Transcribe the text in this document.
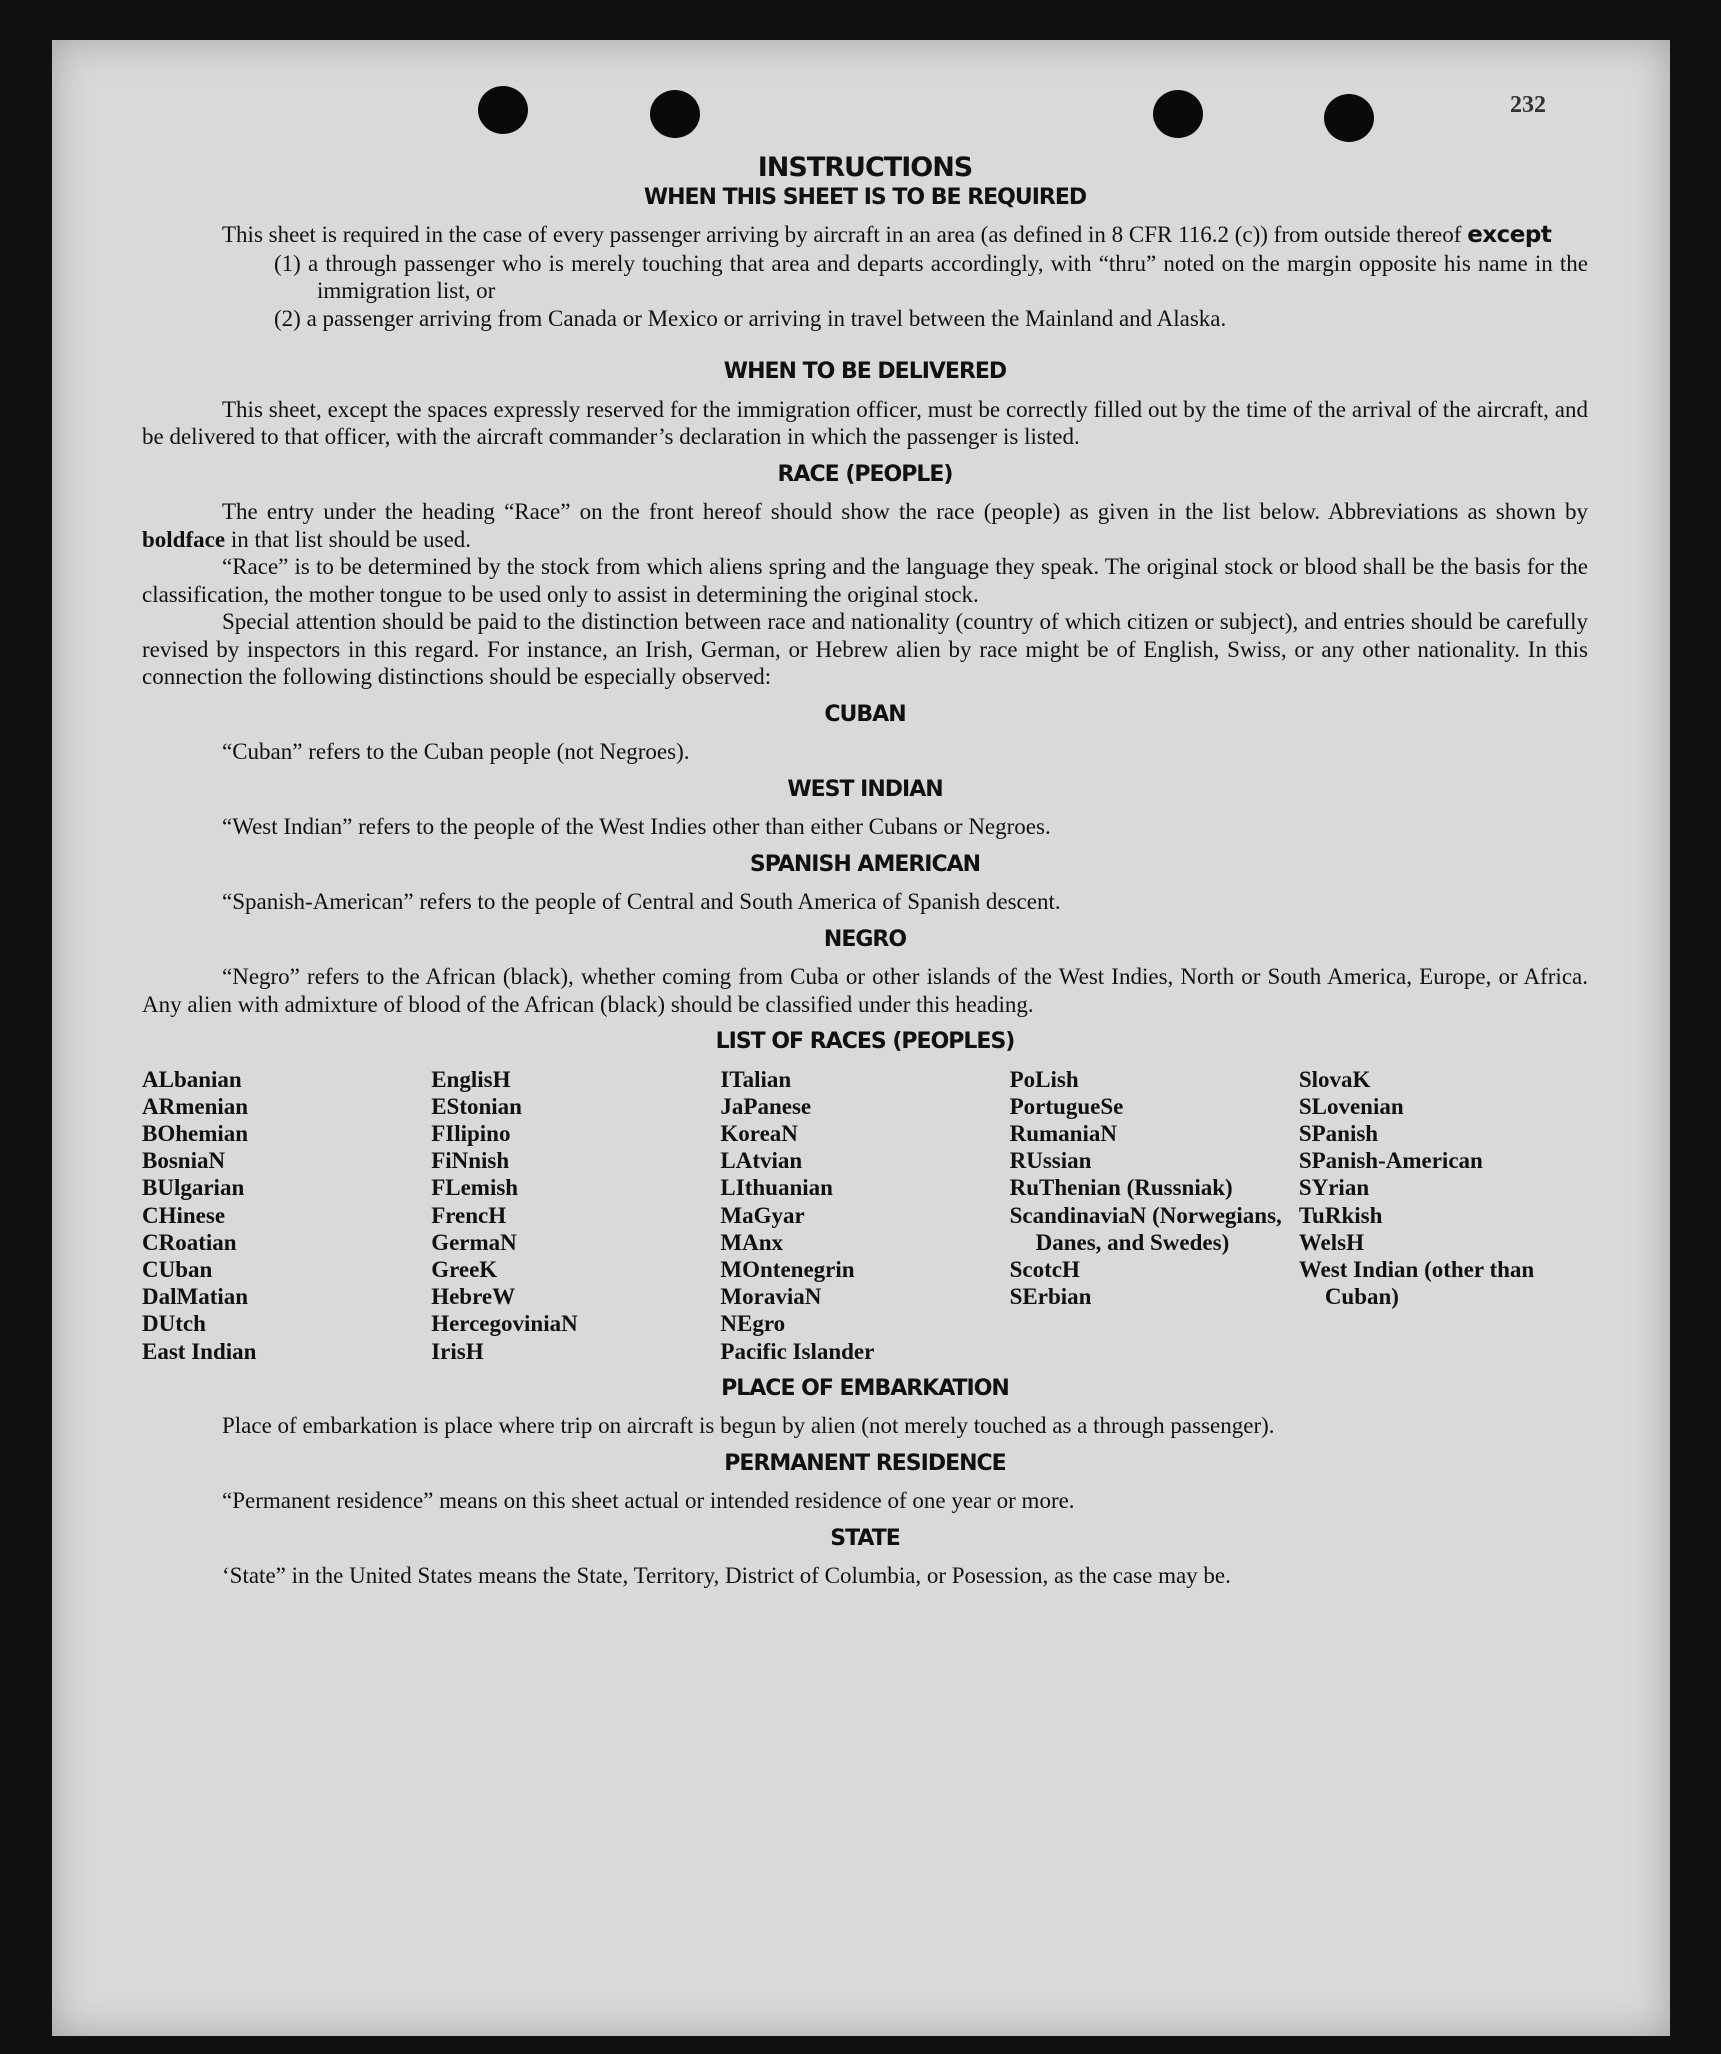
232
INSTRUCTIONS
WHEN THIS SHEET IS TO BE REQUIRED

This sheet is required in the case of every passenger arriving by aircraft in an area (as defined in 8 CFR 116.2 (c)) from outside thereof except

(1) a through passenger who is merely touching that area and departs accordingly, with “thru” noted on the margin opposite his name in the immigration list, or

(2) a passenger arriving from Canada or Mexico or arriving in travel between the Mainland and Alaska.

WHEN TO BE DELIVERED

This sheet, except the spaces expressly reserved for the immigration officer, must be correctly filled out by the time of the arrival of the aircraft, and be delivered to that officer, with the aircraft commander’s declaration in which the passenger is listed.

RACE (PEOPLE)

The entry under the heading “Race” on the front hereof should show the race (people) as given in the list below. Abbreviations as shown by boldface in that list should be used.

“Race” is to be determined by the stock from which aliens spring and the language they speak. The original stock or blood shall be the basis for the classification, the mother tongue to be used only to assist in determining the original stock.

Special attention should be paid to the distinction between race and nationality (country of which citizen or subject), and entries should be carefully revised by inspectors in this regard. For instance, an Irish, German, or Hebrew alien by race might be of English, Swiss, or any other nationality. In this connection the following distinctions should be especially observed:

CUBAN

“Cuban” refers to the Cuban people (not Negroes).

WEST INDIAN

“West Indian” refers to the people of the West Indies other than either Cubans or Negroes.

SPANISH AMERICAN

“Spanish-American” refers to the people of Central and South America of Spanish descent.

NEGRO

“Negro” refers to the African (black), whether coming from Cuba or other islands of the West Indies, North or South America, Europe, or Africa. Any alien with admixture of blood of the African (black) should be classified under this heading.

LIST OF RACES (PEOPLES)
ALbanian
ARmenian
BOhemian
BosniaN
BUlgarian
CHinese
CRoatian
CUban
DalMatian
DUtch
East Indian
EnglisH
EStonian
FIlipino
FiNnish
FLemish
FrencH
GermaN
GreeK
HebreW
HercegoviniaN
IrisH
ITalian
JaPanese
KoreaN
LAtvian
LIthuanian
MaGyar
MAnx
MOntenegrin
MoraviaN
NEgro
Pacific Islander
PoLish
PortugueSe
RumaniaN
RUssian
RuThenian (Russniak)
ScandinaviaN (Norwegians, Danes, and Swedes)
ScotcH
SErbian
SlovaK
SLovenian
SPanish
SPanish-American
SYrian
TuRkish
WelsH
West Indian (other than Cuban)
PLACE OF EMBARKATION

Place of embarkation is place where trip on aircraft is begun by alien (not merely touched as a through passenger).

PERMANENT RESIDENCE

“Permanent residence” means on this sheet actual or intended residence of one year or more.

STATE

‘State” in the United States means the State, Territory, District of Columbia, or Posession, as the case may be.
